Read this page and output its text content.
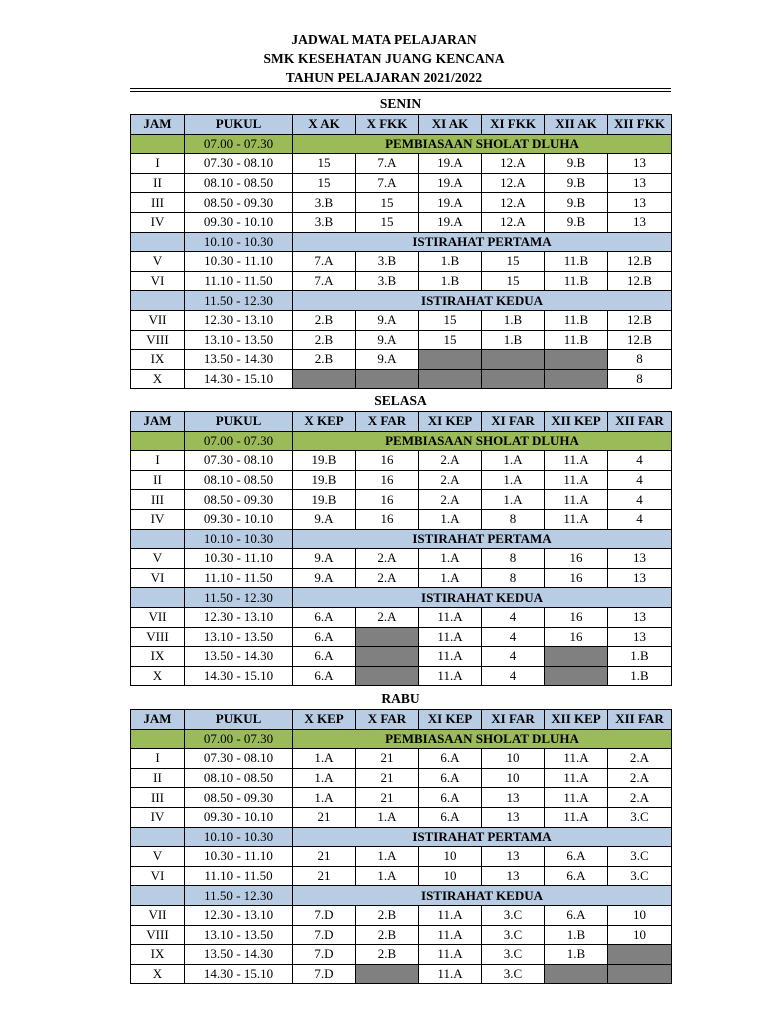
JADWAL MATA PELAJARAN
SMK KESEHATAN JUANG KENCANA
TAHUN PELAJARAN 2021/2022
SENIN
JAM	PUKUL	X AK	X FKK	XI AK	XI FKK	XII AK	XII FKK
	07.00 - 07.30	PEMBIASAAN SHOLAT DLUHA					
I	07.30 - 08.10	15	7.A	19.A	12.A	9.B	13
II	08.10 - 08.50	15	7.A	19.A	12.A	9.B	13
III	08.50 - 09.30	3.B	15	19.A	12.A	9.B	13
IV	09.30 - 10.10	3.B	15	19.A	12.A	9.B	13
	10.10 - 10.30	ISTIRAHAT PERTAMA					
V	10.30 - 11.10	7.A	3.B	1.B	15	11.B	12.B
VI	11.10 - 11.50	7.A	3.B	1.B	15	11.B	12.B
	11.50 - 12.30	ISTIRAHAT KEDUA					
VII	12.30 - 13.10	2.B	9.A	15	1.B	11.B	12.B
VIII	13.10 - 13.50	2.B	9.A	15	1.B	11.B	12.B
IX	13.50 - 14.30	2.B	9.A				8
X	14.30 - 15.10						8
SELASA
JAM	PUKUL	X KEP	X FAR	XI KEP	XI FAR	XII KEP	XII FAR
	07.00 - 07.30	PEMBIASAAN SHOLAT DLUHA					
I	07.30 - 08.10	19.B	16	2.A	1.A	11.A	4
II	08.10 - 08.50	19.B	16	2.A	1.A	11.A	4
III	08.50 - 09.30	19.B	16	2.A	1.A	11.A	4
IV	09.30 - 10.10	9.A	16	1.A	8	11.A	4
	10.10 - 10.30	ISTIRAHAT PERTAMA					
V	10.30 - 11.10	9.A	2.A	1.A	8	16	13
VI	11.10 - 11.50	9.A	2.A	1.A	8	16	13
	11.50 - 12.30	ISTIRAHAT KEDUA					
VII	12.30 - 13.10	6.A	2.A	11.A	4	16	13
VIII	13.10 - 13.50	6.A		11.A	4	16	13
IX	13.50 - 14.30	6.A		11.A	4		1.B
X	14.30 - 15.10	6.A		11.A	4		1.B
RABU
JAM	PUKUL	X KEP	X FAR	XI KEP	XI FAR	XII KEP	XII FAR
	07.00 - 07.30	PEMBIASAAN SHOLAT DLUHA					
I	07.30 - 08.10	1.A	21	6.A	10	11.A	2.A
II	08.10 - 08.50	1.A	21	6.A	10	11.A	2.A
III	08.50 - 09.30	1.A	21	6.A	13	11.A	2.A
IV	09.30 - 10.10	21	1.A	6.A	13	11.A	3.C
	10.10 - 10.30	ISTIRAHAT PERTAMA					
V	10.30 - 11.10	21	1.A	10	13	6.A	3.C
VI	11.10 - 11.50	21	1.A	10	13	6.A	3.C
	11.50 - 12.30	ISTIRAHAT KEDUA					
VII	12.30 - 13.10	7.D	2.B	11.A	3.C	6.A	10
VIII	13.10 - 13.50	7.D	2.B	11.A	3.C	1.B	10
IX	13.50 - 14.30	7.D	2.B	11.A	3.C	1.B	
X	14.30 - 15.10	7.D		11.A	3.C		
